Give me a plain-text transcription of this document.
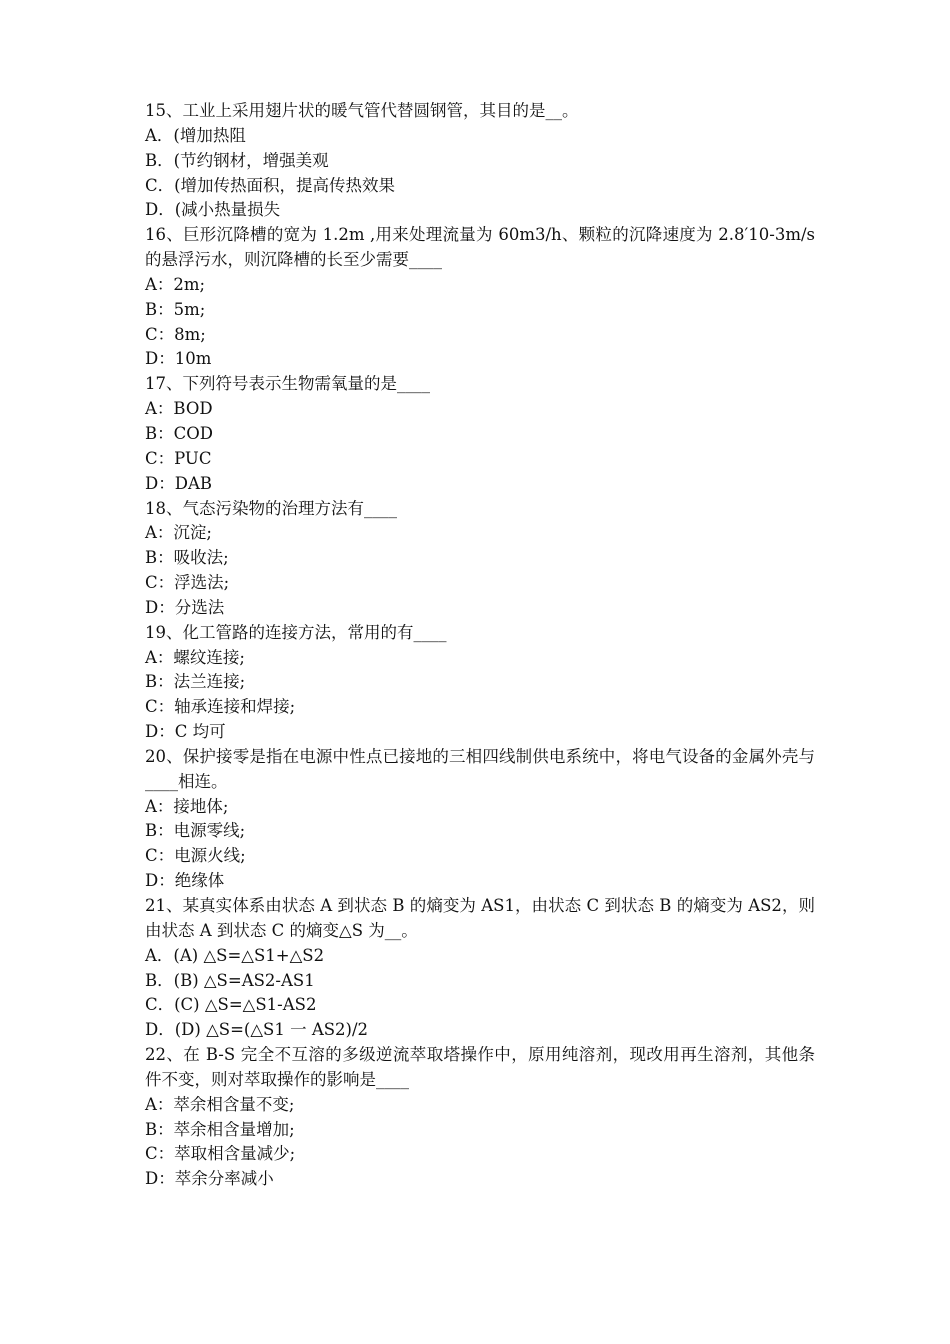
15、工业上采用翅片状的暖气管代替圆钢管，其目的是__。
A．(增加热阻
B．(节约钢材，增强美观
C．(增加传热面积，提高传热效果
D．(减小热量损失
16、巨形沉降槽的宽为 1.2m ,用来处理流量为 60m3/h、颗粒的沉降速度为 2.8′10-3m/s 的悬浮污水，则沉降槽的长至少需要____
A：2m;
B：5m;
C：8m;
D：10m
17、下列符号表示生物需氧量的是____
A：BOD
B：COD
C：PUC
D：DAB
18、气态污染物的治理方法有____
A：沉淀;
B：吸收法;
C：浮选法;
D：分选法
19、化工管路的连接方法，常用的有____
A：螺纹连接;
B：法兰连接;
C：轴承连接和焊接;
D：C 均可
20、保护接零是指在电源中性点已接地的三相四线制供电系统中，将电气设备的金属外壳与____相连。
A：接地体;
B：电源零线;
C：电源火线;
D：绝缘体
21、某真实体系由状态 A 到状态 B 的熵变为 AS1，由状态 C 到状态 B 的熵变为 AS2，则由状态 A 到状态 C 的熵变△S 为__。
A．(A) △S=△S1+△S2
B．(B) △S=AS2-AS1
C．(C) △S=△S1-AS2
D．(D) △S=(△S1 一 AS2)/2
22、在 B-S 完全不互溶的多级逆流萃取塔操作中，原用纯溶剂，现改用再生溶剂，其他条件不变，则对萃取操作的影响是____
A：萃余相含量不变;
B：萃余相含量增加;
C：萃取相含量减少;
D：萃余分率减小
